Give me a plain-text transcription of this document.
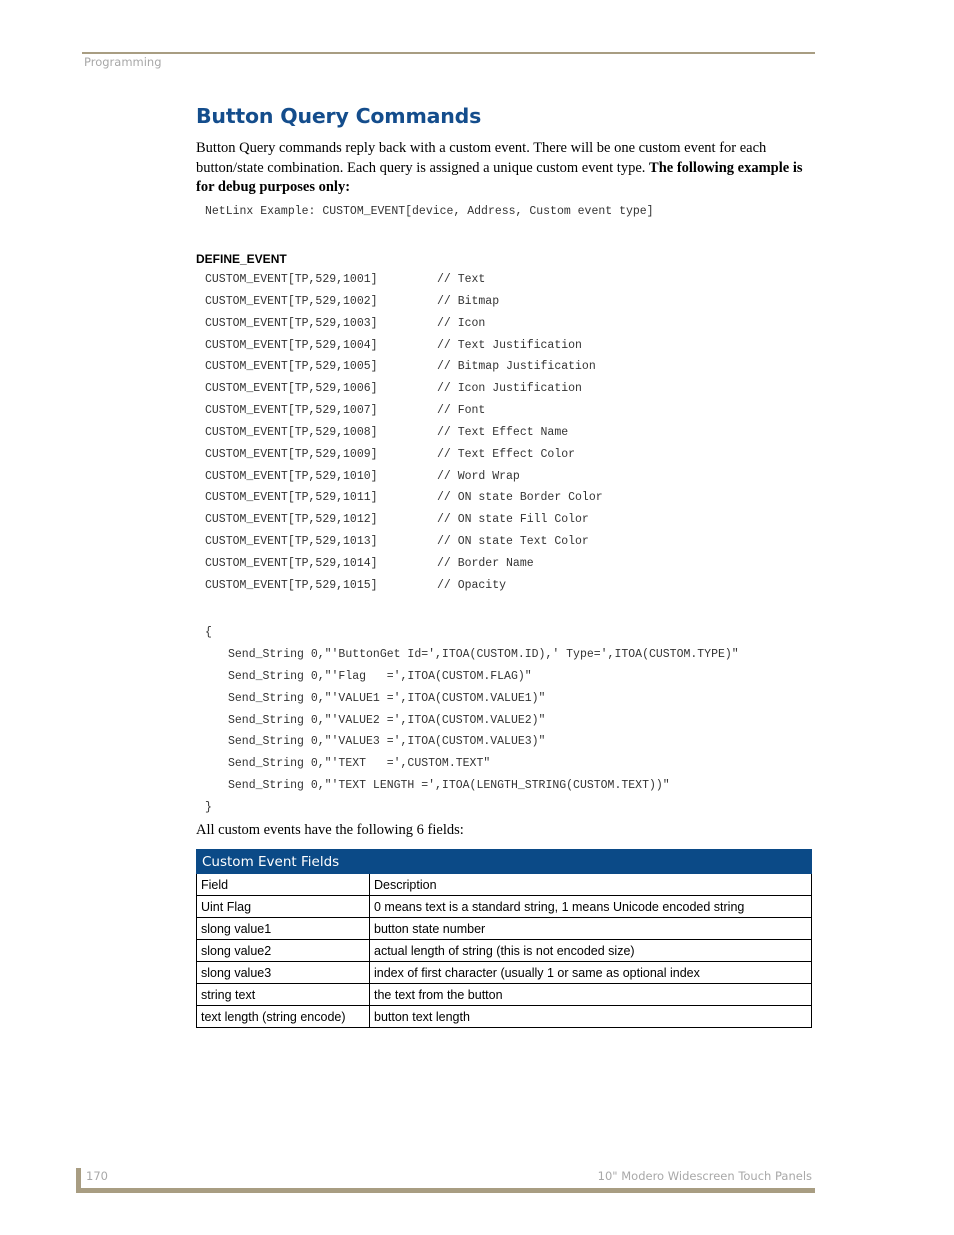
Programming
Button Query Commands

Button Query commands reply back with a custom event. There will be one custom event for each button/state combination. Each query is assigned a unique custom event type. The following example is for debug purposes only:

NetLinx Example: CUSTOM_EVENT[device, Address, Custom event type]
DEFINE_EVENT
CUSTOM_EVENT[TP,529,1001]	// Text
CUSTOM_EVENT[TP,529,1002]	// Bitmap
CUSTOM_EVENT[TP,529,1003]	// Icon
CUSTOM_EVENT[TP,529,1004]	// Text Justification
CUSTOM_EVENT[TP,529,1005]	// Bitmap Justification
CUSTOM_EVENT[TP,529,1006]	// Icon Justification
CUSTOM_EVENT[TP,529,1007]	// Font
CUSTOM_EVENT[TP,529,1008]	// Text Effect Name
CUSTOM_EVENT[TP,529,1009]	// Text Effect Color
CUSTOM_EVENT[TP,529,1010]	// Word Wrap
CUSTOM_EVENT[TP,529,1011]	// ON state Border Color
CUSTOM_EVENT[TP,529,1012]	// ON state Fill Color
CUSTOM_EVENT[TP,529,1013]	// ON state Text Color
CUSTOM_EVENT[TP,529,1014]	// Border Name
CUSTOM_EVENT[TP,529,1015]	// Opacity
{
Send_String 0,"'ButtonGet Id=',ITOA(CUSTOM.ID),' Type=',ITOA(CUSTOM.TYPE)"
Send_String 0,"'Flag   =',ITOA(CUSTOM.FLAG)"
Send_String 0,"'VALUE1 =',ITOA(CUSTOM.VALUE1)"
Send_String 0,"'VALUE2 =',ITOA(CUSTOM.VALUE2)"
Send_String 0,"'VALUE3 =',ITOA(CUSTOM.VALUE3)"
Send_String 0,"'TEXT   =',CUSTOM.TEXT"
Send_String 0,"'TEXT LENGTH =',ITOA(LENGTH_STRING(CUSTOM.TEXT))"
}

All custom events have the following 6 fields:

Custom Event Fields	
Field	Description
Uint Flag	0 means text is a standard string, 1 means Unicode encoded string
slong value1	button state number
slong value2	actual length of string (this is not encoded size)
slong value3	index of first character (usually 1 or same as optional index
string text	the text from the button
text length (string encode)	button text length
170	10" Modero Widescreen Touch Panels
